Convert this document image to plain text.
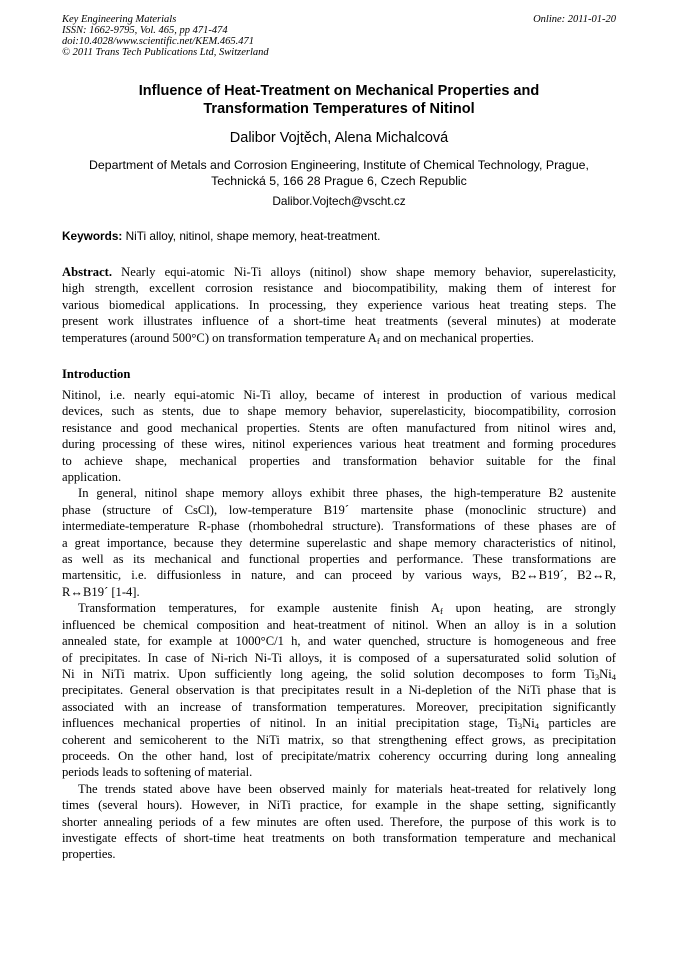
Key Engineering Materials
ISSN: 1662-9795, Vol. 465, pp 471-474
doi:10.4028/www.scientific.net/KEM.465.471
© 2011 Trans Tech Publications Ltd, Switzerland
Online: 2011-01-20
Influence of Heat-Treatment on Mechanical Properties and
Transformation Temperatures of Nitinol
Dalibor Vojtěch, Alena Michalcová
Department of Metals and Corrosion Engineering, Institute of Chemical Technology, Prague,
Technická 5, 166 28 Prague 6, Czech Republic
Dalibor.Vojtech@vscht.cz
Keywords: NiTi alloy, nitinol, shape memory, heat-treatment.
Abstract. Nearly equi-atomic Ni-Ti alloys (nitinol) show shape memory behavior, superelasticity,
high strength, excellent corrosion resistance and biocompatibility, making them of interest for
various biomedical applications. In processing, they experience various heat treating steps. The
present work illustrates influence of a short-time heat treatments (several minutes) at moderate
temperatures (around 500°C) on transformation temperature $A_f$ and on mechanical properties.
Introduction
Nitinol, i.e. nearly equi-atomic Ni-Ti alloy, became of interest in production of various medical
devices, such as stents, due to shape memory behavior, superelasticity, biocompatibility, corrosion
resistance and good mechanical properties. Stents are often manufactured from nitinol wires and,
during processing of these wires, nitinol experiences various heat treatment and forming procedures
to achieve shape, mechanical properties and transformation behavior suitable for the final
application.
In general, nitinol shape memory alloys exhibit three phases, the high-temperature B2 austenite
phase (structure of CsCl), low-temperature B19´ martensite phase (monoclinic structure) and
intermediate-temperature R-phase (rhombohedral structure). Transformations of these phases are of
a great importance, because they determine superelastic and shape memory characteristics of nitinol,
as well as its mechanical and functional properties and performance. These transformations are
martensitic, i.e. diffusionless in nature, and can proceed by various ways, B2↔B19´, B2↔R,
R↔B19´ [1-4].
Transformation temperatures, for example austenite finish $A_f$ upon heating, are strongly
influenced be chemical composition and heat-treatment of nitinol. When an alloy is in a solution
annealed state, for example at 1000°C/1 h, and water quenched, structure is homogeneous and free
of precipitates. In case of Ni-rich Ni-Ti alloys, it is composed of a supersaturated solid solution of
Ni in NiTi matrix. Upon sufficiently long ageing, the solid solution decomposes to form $Ti_3Ni_4$
precipitates. General observation is that precipitates result in a Ni-depletion of the NiTi phase that is
associated with an increase of transformation temperatures. Moreover, precipitation significantly
influences mechanical properties of nitinol. In an initial precipitation stage, $Ti_3Ni_4$ particles are
coherent and semicoherent to the NiTi matrix, so that strengthening effect grows, as precipitation
proceeds. On the other hand, lost of precipitate/matrix coherency occurring during long annealing
periods leads to softening of material.
The trends stated above have been observed mainly for materials heat-treated for relatively long
times (several hours). However, in NiTi practice, for example in the shape setting, significantly
shorter annealing periods of a few minutes are often used. Therefore, the purpose of this work is to
investigate effects of short-time heat treatments on both transformation temperature and mechanical
properties.
